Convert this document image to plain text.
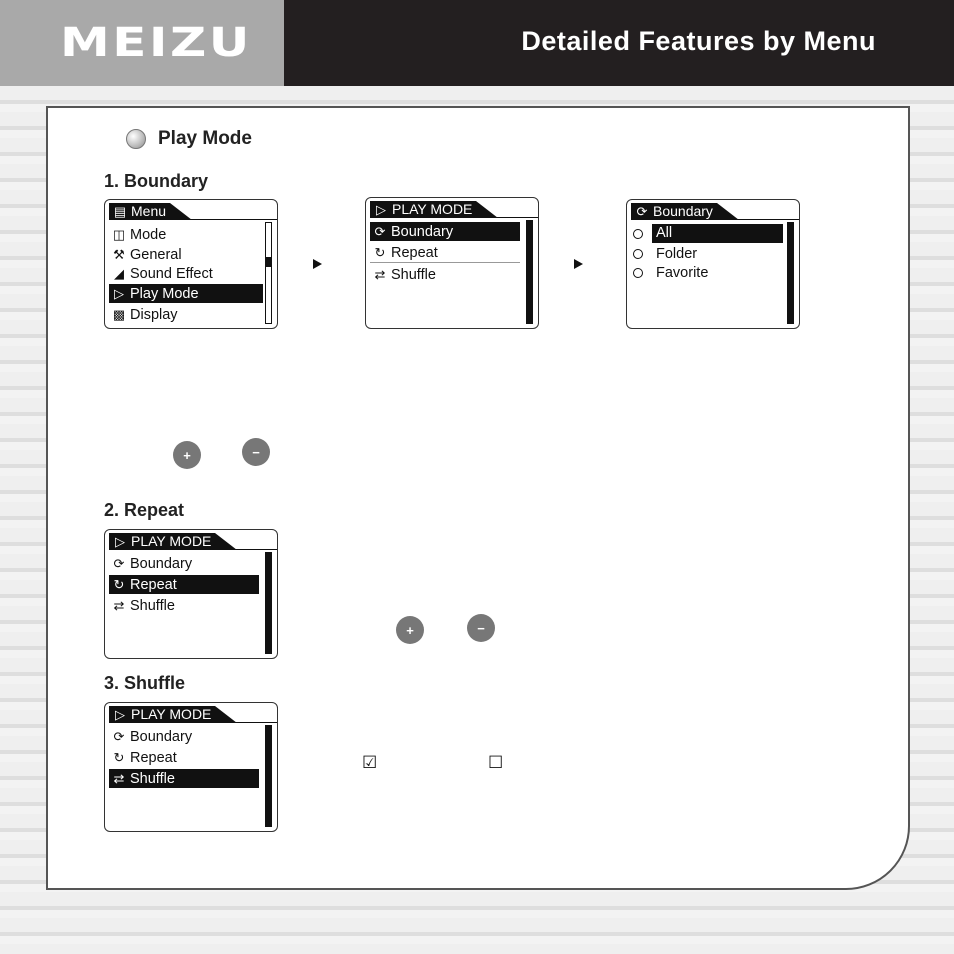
MEIZU	Detailed Features by Menu
Play Mode
1. Boundary
▤ Menu
◫ Mode
⚒ General
◢ Sound Effect
▷ Play Mode
▩ Display
▷ PLAY MODE
⟳ Boundary
↻ Repeat
⇄ Shuffle
⟳ Boundary
All
Folder
Favorite
+	−
2. Repeat
▷ PLAY MODE
⟳ Boundary
↻ Repeat
⇄ Shuffle
+	−
3. Shuffle
▷ PLAY MODE
⟳ Boundary
↻ Repeat
⇄ Shuffle
☑	☐
